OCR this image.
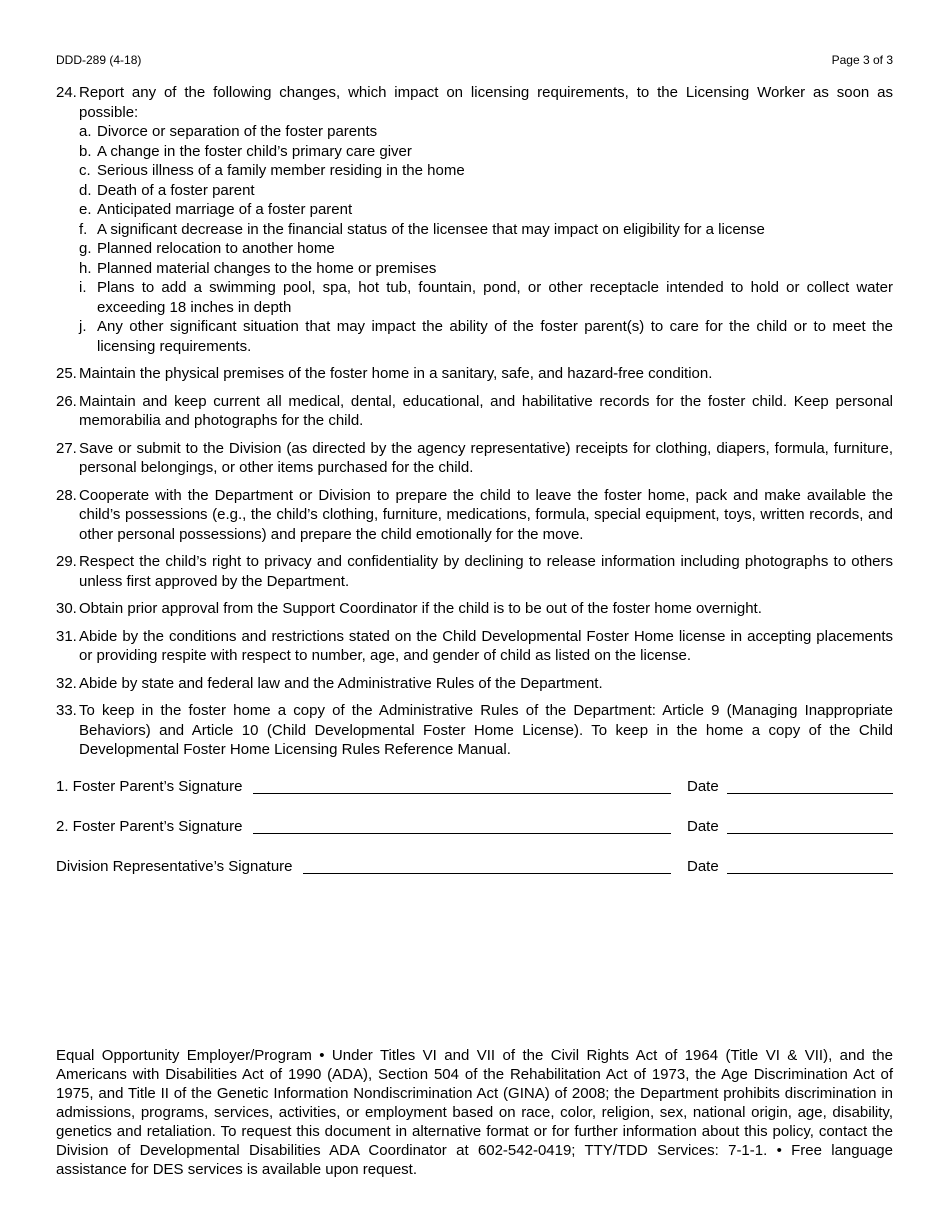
DDD-289 (4-18)	Page 3 of 3
24. Report any of the following changes, which impact on licensing requirements, to the Licensing Worker as soon as possible:
a. Divorce or separation of the foster parents
b. A change in the foster child’s primary care giver
c. Serious illness of a family member residing in the home
d. Death of a foster parent
e. Anticipated marriage of a foster parent
f. A significant decrease in the financial status of the licensee that may impact on eligibility for a license
g. Planned relocation to another home
h. Planned material changes to the home or premises
i. Plans to add a swimming pool, spa, hot tub, fountain, pond, or other receptacle intended to hold or collect water exceeding 18 inches in depth
j. Any other significant situation that may impact the ability of the foster parent(s) to care for the child or to meet the licensing requirements.
25. Maintain the physical premises of the foster home in a sanitary, safe, and hazard-free condition.
26. Maintain and keep current all medical, dental, educational, and habilitative records for the foster child. Keep personal memorabilia and photographs for the child.
27. Save or submit to the Division (as directed by the agency representative) receipts for clothing, diapers, formula, furniture, personal belongings, or other items purchased for the child.
28. Cooperate with the Department or Division to prepare the child to leave the foster home, pack and make available the child’s possessions (e.g., the child’s clothing, furniture, medications, formula, special equipment, toys, written records, and other personal possessions) and prepare the child emotionally for the move.
29. Respect the child’s right to privacy and confidentiality by declining to release information including photographs to others unless first approved by the Department.
30. Obtain prior approval from the Support Coordinator if the child is to be out of the foster home overnight.
31. Abide by the conditions and restrictions stated on the Child Developmental Foster Home license in accepting placements or providing respite with respect to number, age, and gender of child as listed on the license.
32. Abide by state and federal law and the Administrative Rules of the Department.
33. To keep in the foster home a copy of the Administrative Rules of the Department: Article 9 (Managing Inappropriate Behaviors) and Article 10 (Child Developmental Foster Home License). To keep in the home a copy of the Child Developmental Foster Home Licensing Rules Reference Manual.
1. Foster Parent’s Signature	Date
2. Foster Parent’s Signature	Date
Division Representative’s Signature	Date
Equal Opportunity Employer/Program • Under Titles VI and VII of the Civil Rights Act of 1964 (Title VI & VII), and the Americans with Disabilities Act of 1990 (ADA), Section 504 of the Rehabilitation Act of 1973, the Age Discrimination Act of 1975, and Title II of the Genetic Information Nondiscrimination Act (GINA) of 2008; the Department prohibits discrimination in admissions, programs, services, activities, or employment based on race, color, religion, sex, national origin, age, disability, genetics and retaliation. To request this document in alternative format or for further information about this policy, contact the Division of Developmental Disabilities ADA Coordinator at 602-542-0419; TTY/TDD Services: 7-1-1. • Free language assistance for DES services is available upon request.
